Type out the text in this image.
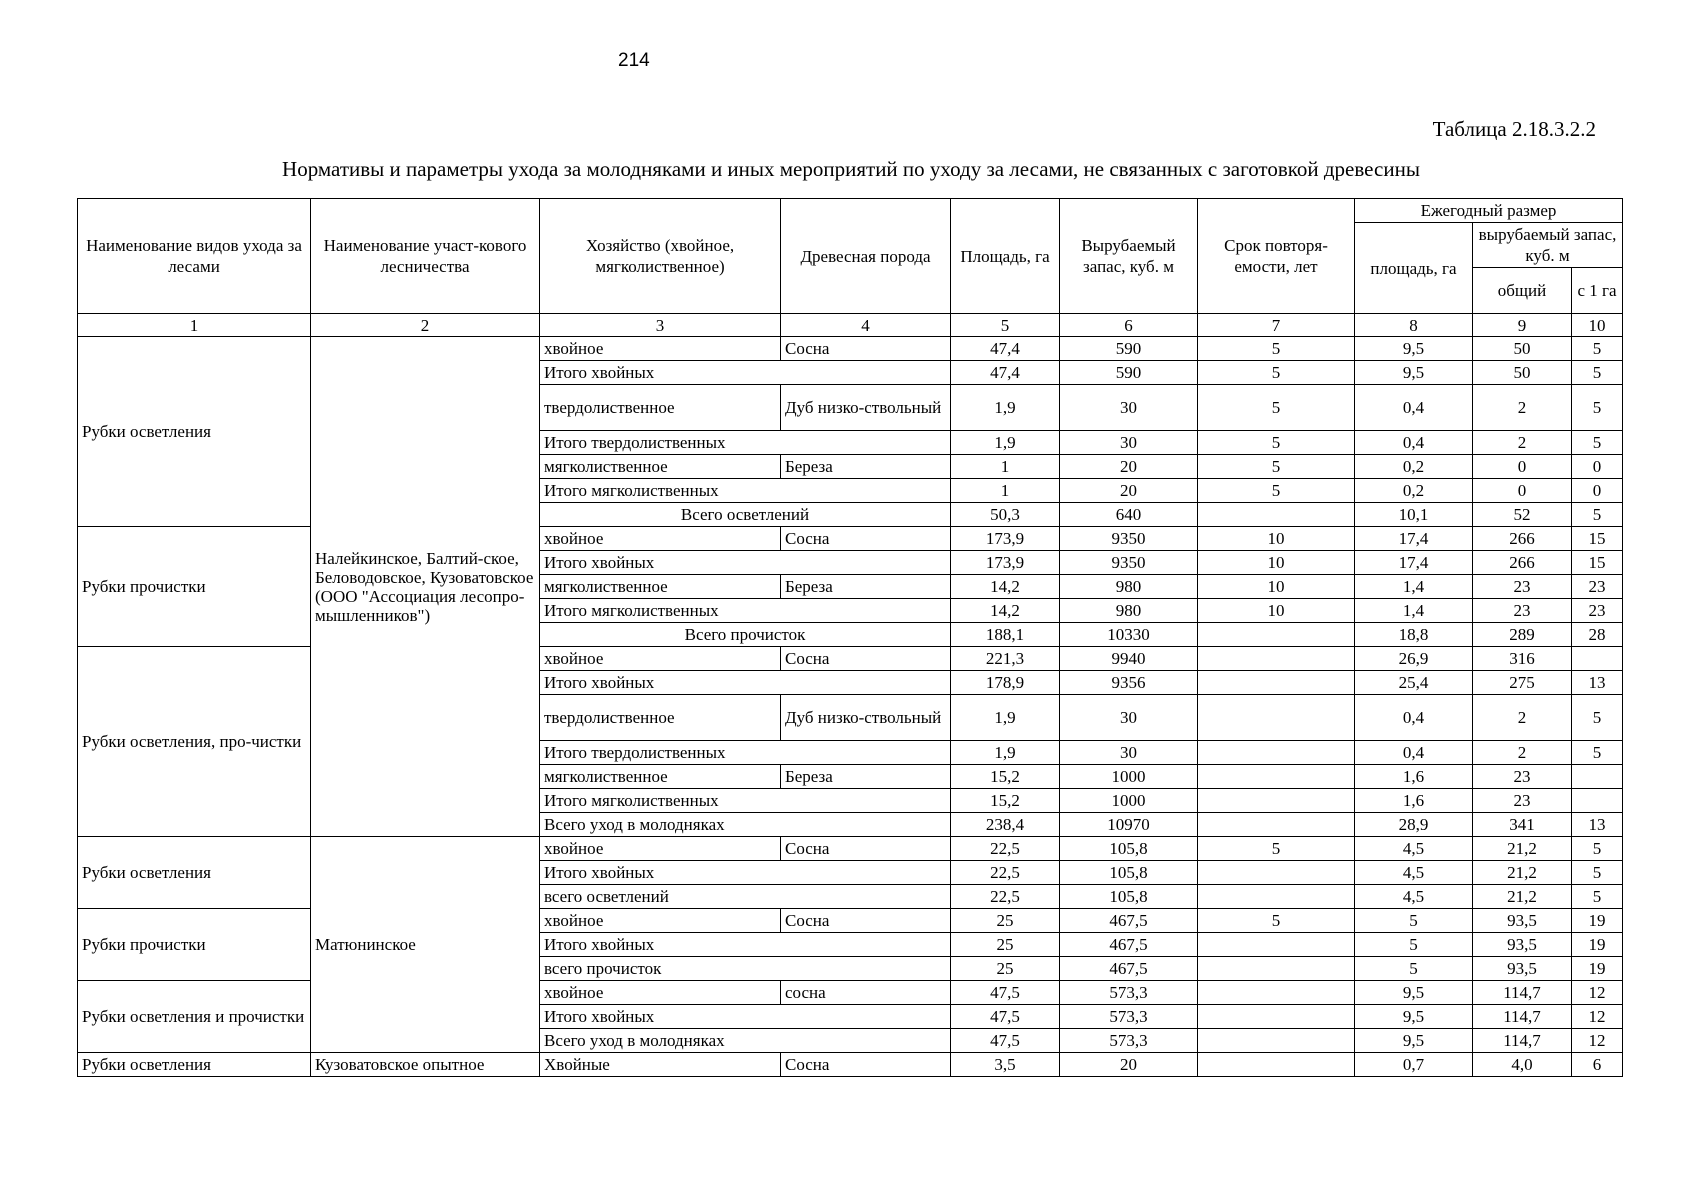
214
Таблица 2.18.3.2.2
Нормативы и параметры ухода за молодняками и иных мероприятий по уходу за лесами, не связанных с заготовкой древесины
Наименование видов ухода за лесами	Наименование участ-кового лесничества	Хозяйство (хвойное, мягколиственное)	Древесная порода	Площадь, га	Вырубаемый запас, куб. м	Срок повторя-емости, лет	Ежегодный размер		
							площадь, га	вырубаемый запас, куб. м	
								общий	с 1 га
1	2	3	4	5	6	7	8	9	10
Рубки осветления	Налейкинское, Балтий-ское, Беловодовское, Кузоватовское (ООО "Ассоциация лесопро-мышленников")	хвойное	Сосна	47,4	590	5	9,5	50	5
		Итого хвойных		47,4	590	5	9,5	50	5
		твердолиственное	Дуб низко-ствольный	1,9	30	5	0,4	2	5
		Итого твердолиственных		1,9	30	5	0,4	2	5
		мягколиственное	Береза	1	20	5	0,2	0	0
		Итого мягколиственных		1	20	5	0,2	0	0
		Всего осветлений		50,3	640		10,1	52	5
Рубки прочистки		хвойное	Сосна	173,9	9350	10	17,4	266	15
		Итого хвойных		173,9	9350	10	17,4	266	15
		мягколиственное	Береза	14,2	980	10	1,4	23	23
		Итого мягколиственных		14,2	980	10	1,4	23	23
		Всего прочисток		188,1	10330		18,8	289	28
Рубки осветления, про-чистки		хвойное	Сосна	221,3	9940		26,9	316	
		Итого хвойных		178,9	9356		25,4	275	13
		твердолиственное	Дуб низко-ствольный	1,9	30		0,4	2	5
		Итого твердолиственных		1,9	30		0,4	2	5
		мягколиственное	Береза	15,2	1000		1,6	23	
		Итого мягколиственных		15,2	1000		1,6	23	
		Всего уход в молодняках		238,4	10970		28,9	341	13
Рубки осветления	Матюнинское	хвойное	Сосна	22,5	105,8	5	4,5	21,2	5
		Итого хвойных		22,5	105,8		4,5	21,2	5
		всего осветлений		22,5	105,8		4,5	21,2	5
Рубки прочистки		хвойное	Сосна	25	467,5	5	5	93,5	19
		Итого хвойных		25	467,5		5	93,5	19
		всего прочисток		25	467,5		5	93,5	19
Рубки осветления и прочистки		хвойное	сосна	47,5	573,3		9,5	114,7	12
		Итого хвойных		47,5	573,3		9,5	114,7	12
		Всего уход в молодняках		47,5	573,3		9,5	114,7	12
Рубки осветления	Кузоватовское опытное	Хвойные	Сосна	3,5	20		0,7	4,0	6
